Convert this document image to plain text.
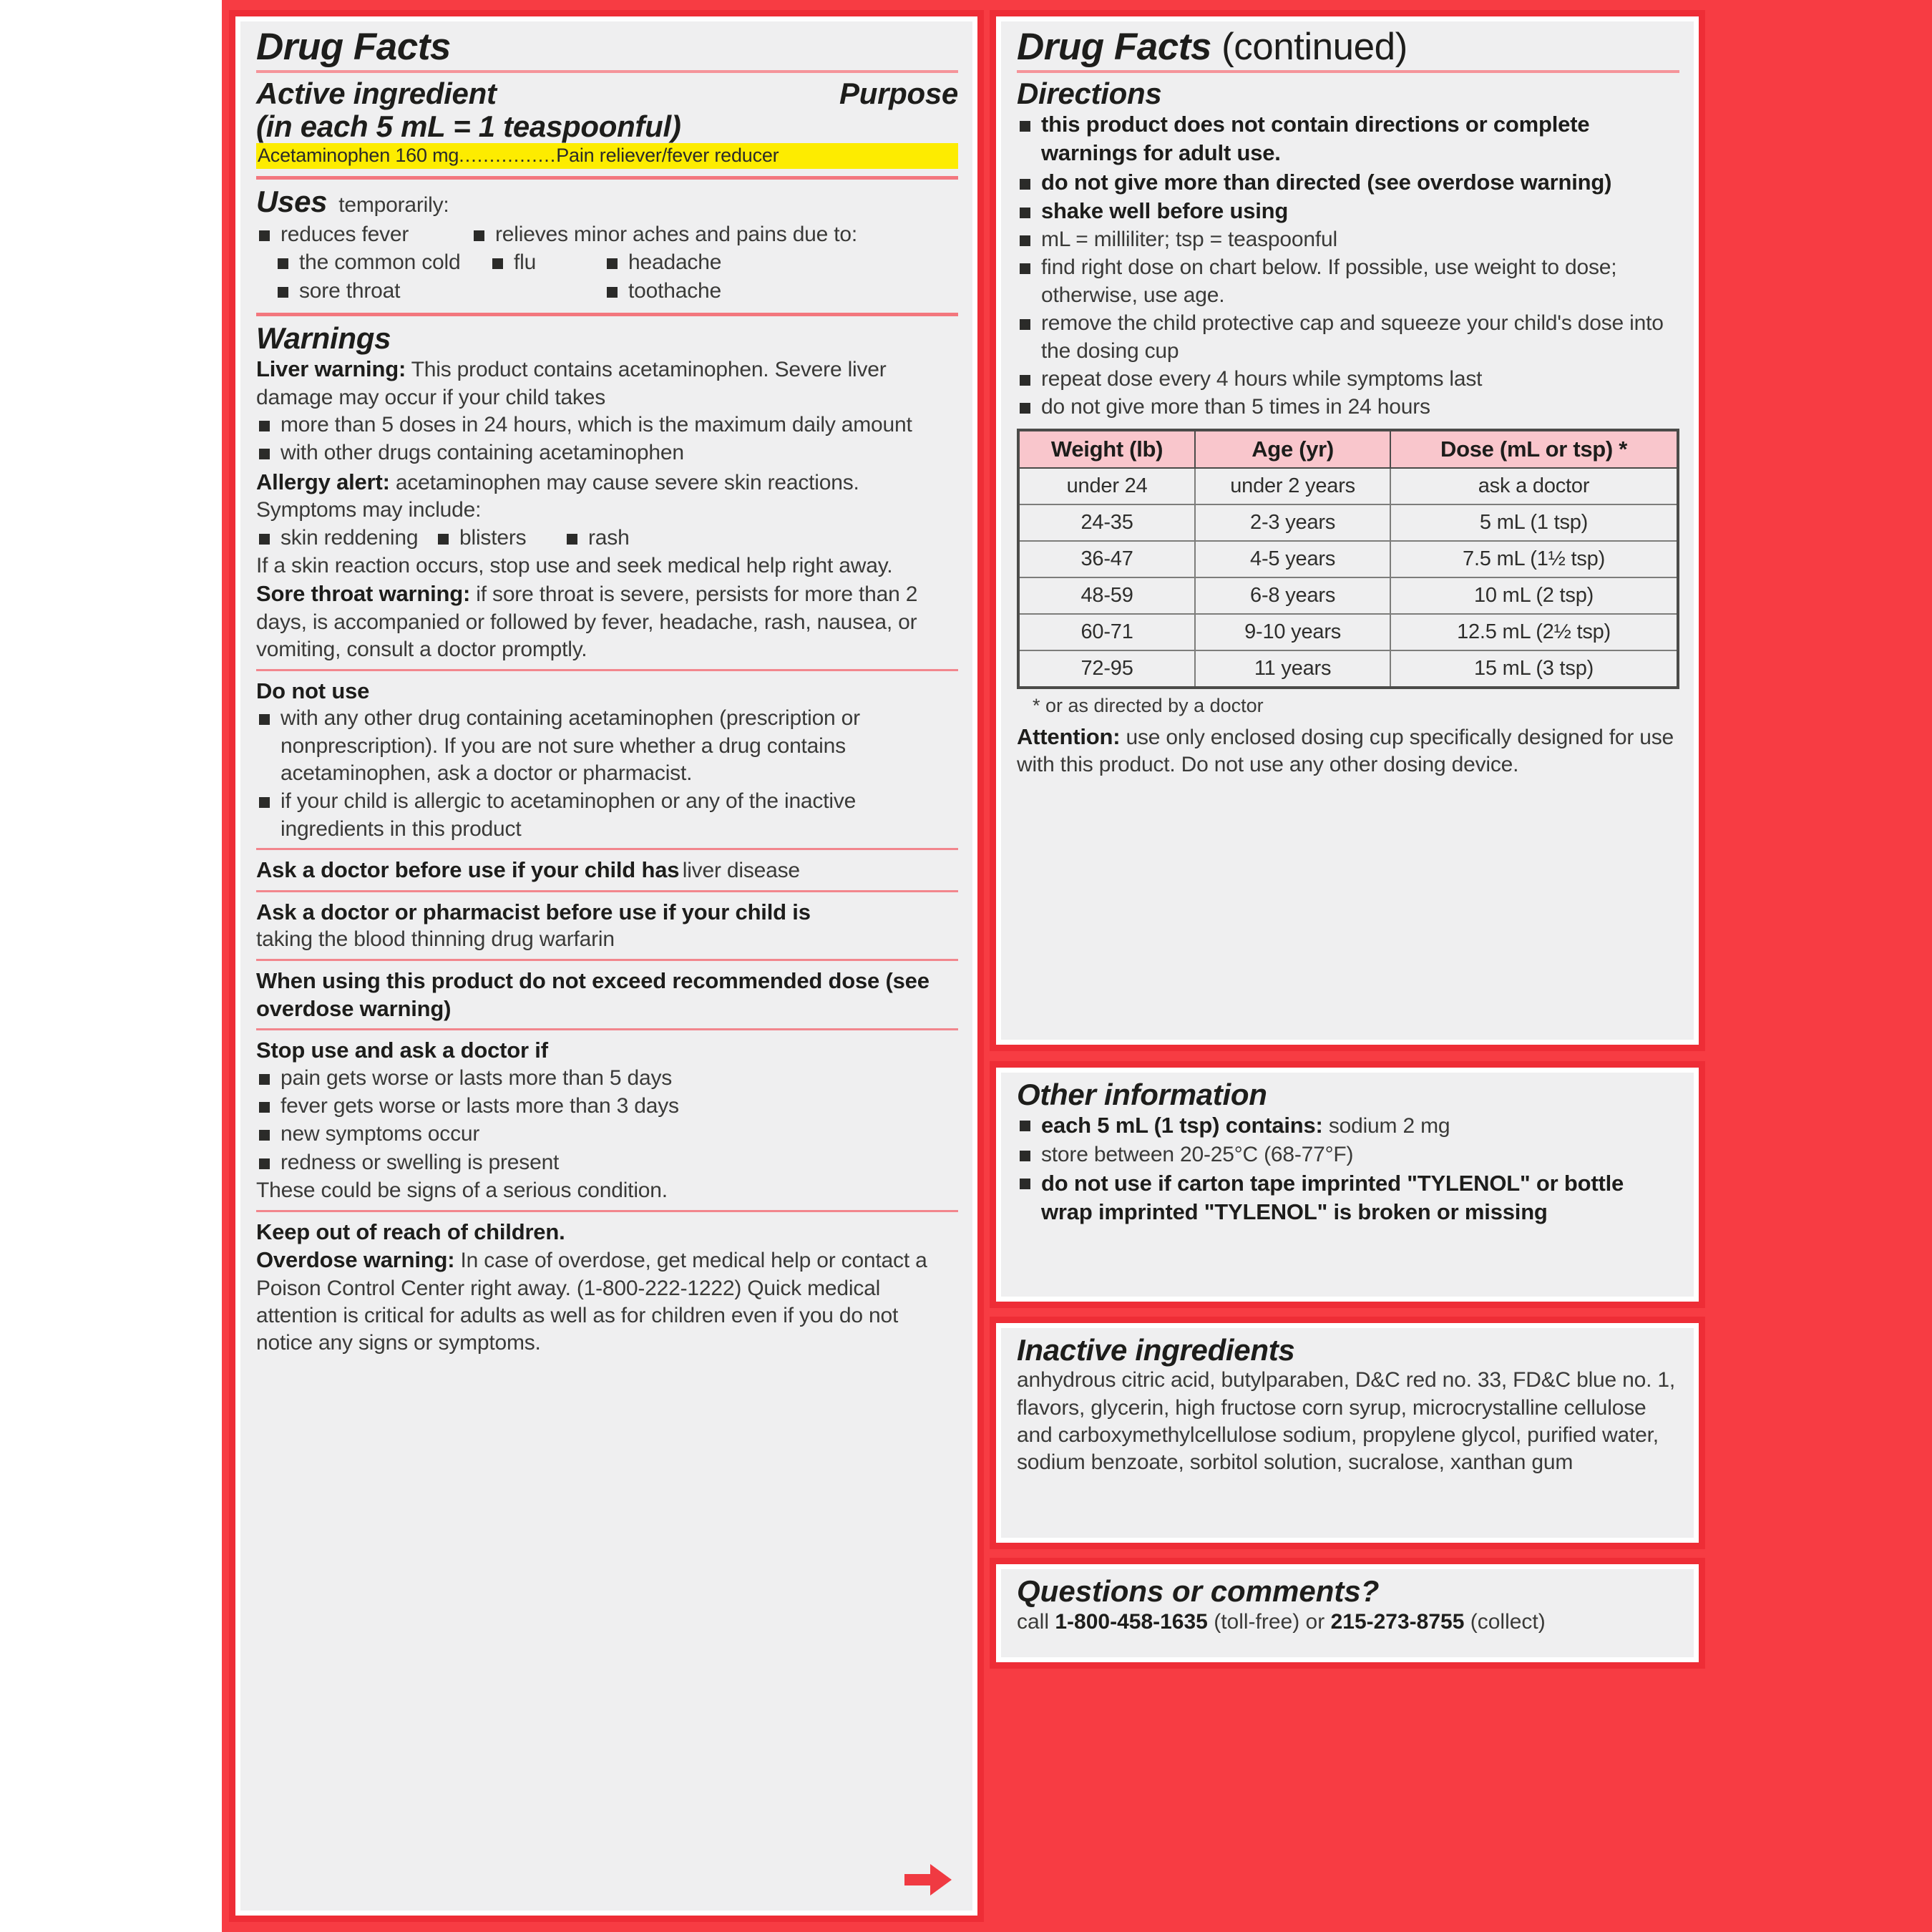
Drug Facts
Active ingredient
(in each 5 mL = 1 teaspoonful)
Purpose
Acetaminophen 160 mg................Pain reliever/fever reducer
Uses temporarily:
reduces fever	relieves minor aches and pains due to:
the common cold	flu	headache
sore throat	toothache
Warnings
Liver warning: This product contains acetaminophen. Severe liver damage may occur if your child takes
more than 5 doses in 24 hours, which is the maximum daily amount
with other drugs containing acetaminophen
Allergy alert: acetaminophen may cause severe skin reactions. Symptoms may include:
skin reddening	blisters	rash
If a skin reaction occurs, stop use and seek medical help right away.
Sore throat warning: if sore throat is severe, persists for more than 2 days, is accompanied or followed by fever, headache, rash, nausea, or vomiting, consult a doctor promptly.
Do not use
with any other drug containing acetaminophen (prescription or nonprescription). If you are not sure whether a drug contains acetaminophen, ask a doctor or pharmacist.
if your child is allergic to acetaminophen or any of the inactive ingredients in this product
Ask a doctor before use if your child has liver disease
Ask a doctor or pharmacist before use if your child is
taking the blood thinning drug warfarin
When using this product do not exceed recommended dose (see overdose warning)
Stop use and ask a doctor if
pain gets worse or lasts more than 5 days
fever gets worse or lasts more than 3 days
new symptoms occur
redness or swelling is present
These could be signs of a serious condition.
Keep out of reach of children.
Overdose warning: In case of overdose, get medical help or contact a Poison Control Center right away. (1-800-222-1222) Quick medical attention is critical for adults as well as for children even if you do not notice any signs or symptoms.
Drug Facts (continued)
Directions
this product does not contain directions or complete warnings for adult use.
do not give more than directed (see overdose warning)
shake well before using
mL = milliliter; tsp = teaspoonful
find right dose on chart below. If possible, use weight to dose; otherwise, use age.
remove the child protective cap and squeeze your child's dose into the dosing cup
repeat dose every 4 hours while symptoms last
do not give more than 5 times in 24 hours
Weight (lb)	Age (yr)	Dose (mL or tsp) *
under 24	under 2 years	ask a doctor
24-35	2-3 years	5 mL (1 tsp)
36-47	4-5 years	7.5 mL (1½ tsp)
48-59	6-8 years	10 mL (2 tsp)
60-71	9-10 years	12.5 mL (2½ tsp)
72-95	11 years	15 mL (3 tsp)
* or as directed by a doctor
Attention: use only enclosed dosing cup specifically designed for use with this product. Do not use any other dosing device.
Other information
each 5 mL (1 tsp) contains: sodium 2 mg
store between 20-25°C (68-77°F)
do not use if carton tape imprinted "TYLENOL" or bottle wrap imprinted "TYLENOL" is broken or missing
Inactive ingredients
anhydrous citric acid, butylparaben, D&C red no. 33, FD&C blue no. 1, flavors, glycerin, high fructose corn syrup, microcrystalline cellulose and carboxymethylcellulose sodium, propylene glycol, purified water, sodium benzoate, sorbitol solution, sucralose, xanthan gum
Questions or comments?
call 1-800-458-1635 (toll-free) or 215-273-8755 (collect)
